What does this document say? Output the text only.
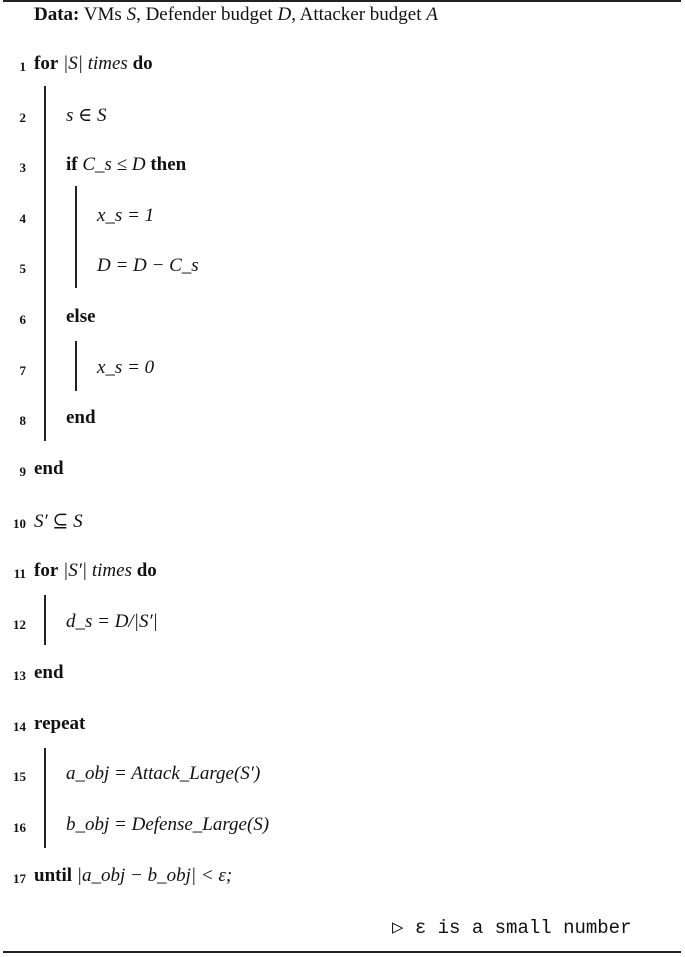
Data: VMs S, Defender budget D, Attacker budget A
1
2
3
4
5
6
7
8
9
10
11
12
13
14
15
16
17
for |S| times do
s ∈ S
if C_s ≤ D then
x_s = 1
D = D − C_s
else
x_s = 0
end
end
S′ ⊆ S
for |S′| times do
d_s = D/|S′|
end
repeat
a_obj = Attack_Large(S′)
b_obj = Defense_Large(S)
until |a_obj − b_obj| < ε;
▷ ε is a small number
